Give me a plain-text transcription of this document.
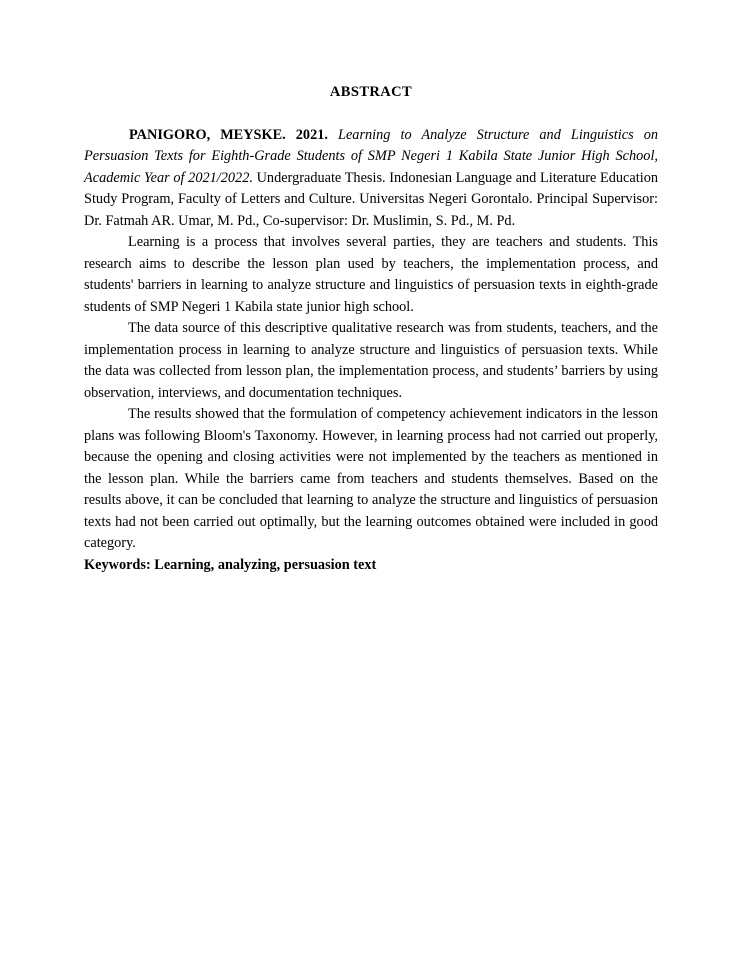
ABSTRACT

PANIGORO, MEYSKE. 2021. Learning to Analyze Structure and Linguistics on Persuasion Texts for Eighth-Grade Students of SMP Negeri 1 Kabila State Junior High School, Academic Year of 2021/2022. Undergraduate Thesis. Indonesian Language and Literature Education Study Program, Faculty of Letters and Culture. Universitas Negeri Gorontalo. Principal Supervisor: Dr. Fatmah AR. Umar, M. Pd., Co-supervisor: Dr. Muslimin, S. Pd., M. Pd.

Learning is a process that involves several parties, they are teachers and students. This research aims to describe the lesson plan used by teachers, the implementation process, and students' barriers in learning to analyze structure and linguistics of persuasion texts in eighth-grade students of SMP Negeri 1 Kabila state junior high school.

The data source of this descriptive qualitative research was from students, teachers, and the implementation process in learning to analyze structure and linguistics of persuasion texts. While the data was collected from lesson plan, the implementation process, and students’ barriers by using observation, interviews, and documentation techniques.

The results showed that the formulation of competency achievement indicators in the lesson plans was following Bloom's Taxonomy. However, in learning process had not carried out properly, because the opening and closing activities were not implemented by the teachers as mentioned in the lesson plan. While the barriers came from teachers and students themselves. Based on the results above, it can be concluded that learning to analyze the structure and linguistics of persuasion texts had not been carried out optimally, but the learning outcomes obtained were included in good category.

Keywords: Learning, analyzing, persuasion text
